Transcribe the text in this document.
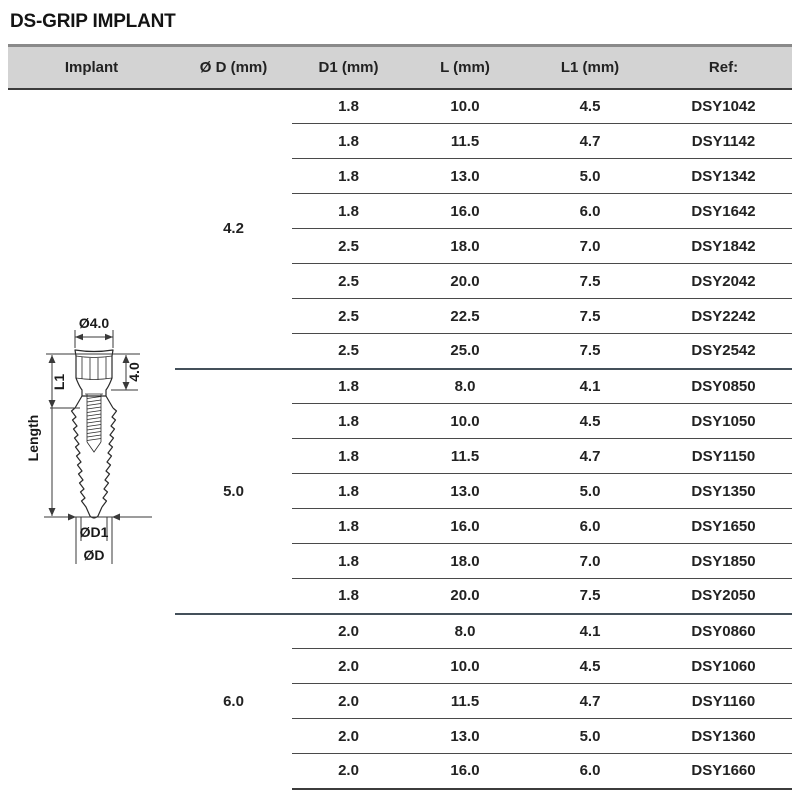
DS-GRIP IMPLANT
Implant	Ø D (mm)	D1 (mm)	L (mm)	L1 (mm)	Ref:

Ø4.0
L1
Length
4.0
ØD1
ØD
	4.2	1.8	10.0	4.5	DSY1042
		1.8	11.5	4.7	DSY1142
		1.8	13.0	5.0	DSY1342
		1.8	16.0	6.0	DSY1642
		2.5	18.0	7.0	DSY1842
		2.5	20.0	7.5	DSY2042
		2.5	22.5	7.5	DSY2242
		2.5	25.0	7.5	DSY2542
	5.0	1.8	8.0	4.1	DSY0850
		1.8	10.0	4.5	DSY1050
		1.8	11.5	4.7	DSY1150
		1.8	13.0	5.0	DSY1350
		1.8	16.0	6.0	DSY1650
		1.8	18.0	7.0	DSY1850
		1.8	20.0	7.5	DSY2050
	6.0	2.0	8.0	4.1	DSY0860
		2.0	10.0	4.5	DSY1060
		2.0	11.5	4.7	DSY1160
		2.0	13.0	5.0	DSY1360
		2.0	16.0	6.0	DSY1660
